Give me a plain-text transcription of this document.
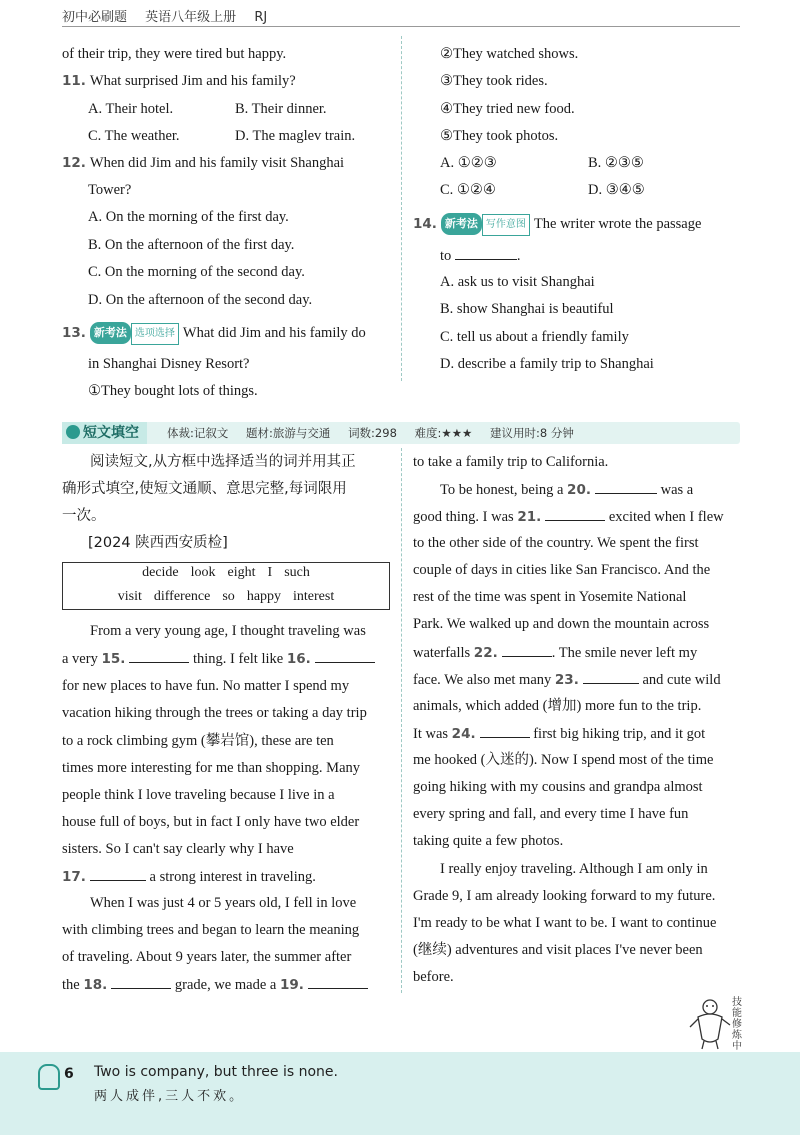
初中必刷题 英语八年级上册 RJ
of their trip, they were tired but happy.
11. What surprised Jim and his family?
A. Their hotel.	B. Their dinner.
C. The weather.	D. The maglev train.
12. When did Jim and his family visit Shanghai
Tower?
A. On the morning of the first day.
B. On the afternoon of the first day.
C. On the morning of the second day.
D. On the afternoon of the second day.
13. 新考法 选项选择 What did Jim and his family do
in Shanghai Disney Resort?
①They bought lots of things.
②They watched shows.
③They took rides.
④They tried new food.
⑤They took photos.
A. ①②③	B. ②③⑤
C. ①②④	D. ③④⑤
14. 新考法 写作意图 The writer wrote the passage
to	.
A. ask us to visit Shanghai
B. show Shanghai is beautiful
C. tell us about a friendly family
D. describe a family trip to Shanghai
短文填空	体裁:记叙文 题材:旅游与交通 词数:298 难度:★★★ 建议用时:8 分钟
阅读短文,从方框中选择适当的词并用其正
确形式填空,使短文通顺、意思完整,每词限用
一次。
[2024 陕西西安质检]
decide look eight I such
visit difference so happy interest
From a very young age, I thought traveling was
a very 15.	thing. I felt like 16.
for new places to have fun. No matter I spend my
vacation hiking through the trees or taking a day trip
to a rock climbing gym (攀岩馆), these are ten
times more interesting for me than shopping. Many
people think I love traveling because I live in a
house full of boys, but in fact I only have two elder
sisters. So I can't say clearly why I have
17.	a strong interest in traveling.
When I was just 4 or 5 years old, I fell in love
with climbing trees and began to learn the meaning
of traveling. About 9 years later, the summer after
the 18.	grade, we made a 19.
to take a family trip to California.
To be honest, being a 20.	was a
good thing. I was 21.	excited when I flew
to the other side of the country. We spent the first
couple of days in cities like San Francisco. And the
rest of the time was spent in Yosemite National
Park. We walked up and down the mountain across
waterfalls 22.	. The smile never left my
face. We also met many 23.	and cute wild
animals, which added (增加) more fun to the trip.
It was 24.	first big hiking trip, and it got
me hooked (入迷的). Now I spend most of the time
going hiking with my cousins and grandpa almost
every spring and fall, and every time I have fun
taking quite a few photos.
I really enjoy traveling. Although I am only in
Grade 9, I am already looking forward to my future.
I'm ready to be what I want to be. I want to continue
(继续) adventures and visit places I've never been
before.
技
能
修
炼
中
6 Two is company, but three is none.
两人成伴,三人不欢。
